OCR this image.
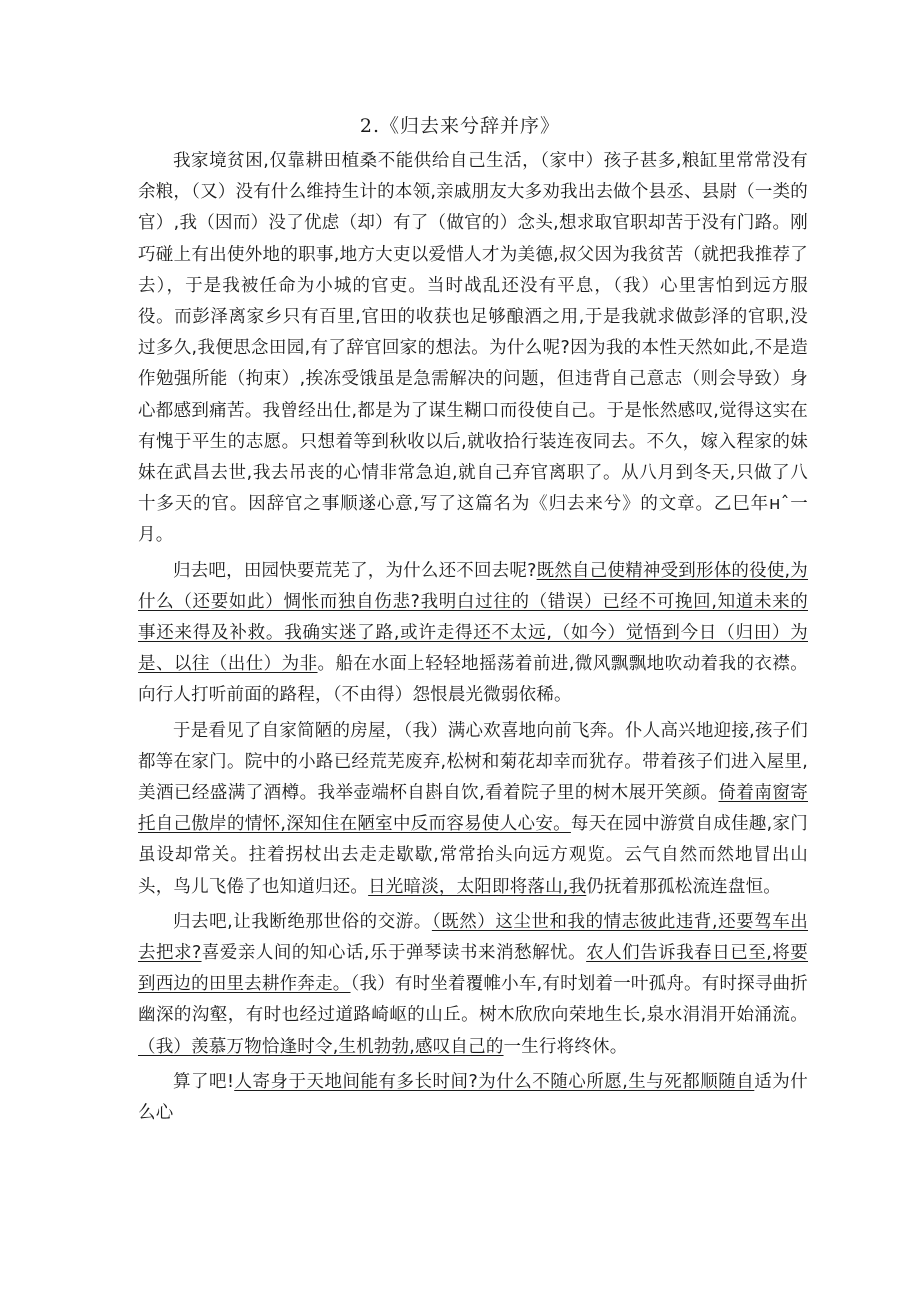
2.《归去来兮辞并序》

我家境贫困,仅靠耕田植桑不能供给自己生活，（家中）孩子甚多,粮缸里常常没有余粮，（又）没有什么维持生计的本领,亲戚朋友大多劝我出去做个县丞、县尉（一类的官）,我（因而）没了优虑（却）有了（做官的）念头,想求取官职却苦于没有门路。刚巧碰上有出使外地的职事,地方大吏以爱惜人才为美德,叔父因为我贫苦（就把我推荐了去），于是我被任命为小城的官吏。当时战乱还没有平息，（我）心里害怕到远方服役。而彭泽离家乡只有百里,官田的收获也足够酿酒之用,于是我就求做彭泽的官职,没过多久,我便思念田园,有了辞官回家的想法。为什么呢?因为我的本性天然如此,不是造作勉强所能（拘束）,挨冻受饿虽是急需解决的问题，但违背自己意志（则会导致）身心都感到痛苦。我曾经出仕,都是为了谋生糊口而役使自己。于是怅然感叹,觉得这实在有愧于平生的志愿。只想着等到秋收以后,就收拾行装连夜同去。不久，嫁入程家的妹妹在武昌去世,我去吊丧的心情非常急迫,就自己弃官离职了。从八月到冬天,只做了八十多天的官。因辞官之事顺遂心意,写了这篇名为《归去来兮》的文章。乙巳年ʜˆ一月。

归去吧，田园快要荒芜了，为什么还不回去呢?既然自己使精神受到形体的役使,为什么（还要如此）惆怅而独自伤悲?我明白过往的（错误）已经不可挽回,知道未来的事还来得及补救。我确实迷了路,或许走得还不太远,（如今）觉悟到今日（归田）为是、以往（出仕）为非。船在水面上轻轻地摇荡着前进,微风飘飘地吹动着我的衣襟。向行人打听前面的路程，（不由得）怨恨晨光微弱依稀。

于是看见了自家简陋的房屋，（我）满心欢喜地向前飞奔。仆人高兴地迎接,孩子们都等在家门。院中的小路已经荒芜废弃,松树和菊花却幸而犹存。带着孩子们进入屋里,美酒已经盛满了酒樽。我举壶端杯自斟自饮,看着院子里的树木展开笑颜。倚着南窗寄托自己傲岸的情怀,深知住在陋室中反而容易使人心安。每天在园中游赏自成佳趣,家门虽设却常关。拄着拐杖出去走走歇歇,常常抬头向远方观览。云气自然而然地冒出山头，鸟儿飞倦了也知道归还。日光暗淡，太阳即将落山,我仍抚着那孤松流连盘恒。

归去吧,让我断绝那世俗的交游。（既然）这尘世和我的情志彼此违背,还要驾车出去把求?喜爱亲人间的知心话,乐于弹琴读书来消愁解忧。农人们告诉我春日已至,将要到西边的田里去耕作奔走。（我）有时坐着覆帷小车,有时划着一叶孤舟。有时探寻曲折幽深的沟壑，有时也经过道路崎岖的山丘。树木欣欣向荣地生长,泉水涓涓开始涌流。（我）羡慕万物恰逢时令,生机勃勃,感叹自己的一生行将终休。

算了吧!人寄身于天地间能有多长时间?为什么不随心所愿,生与死都顺随自适为什么心
